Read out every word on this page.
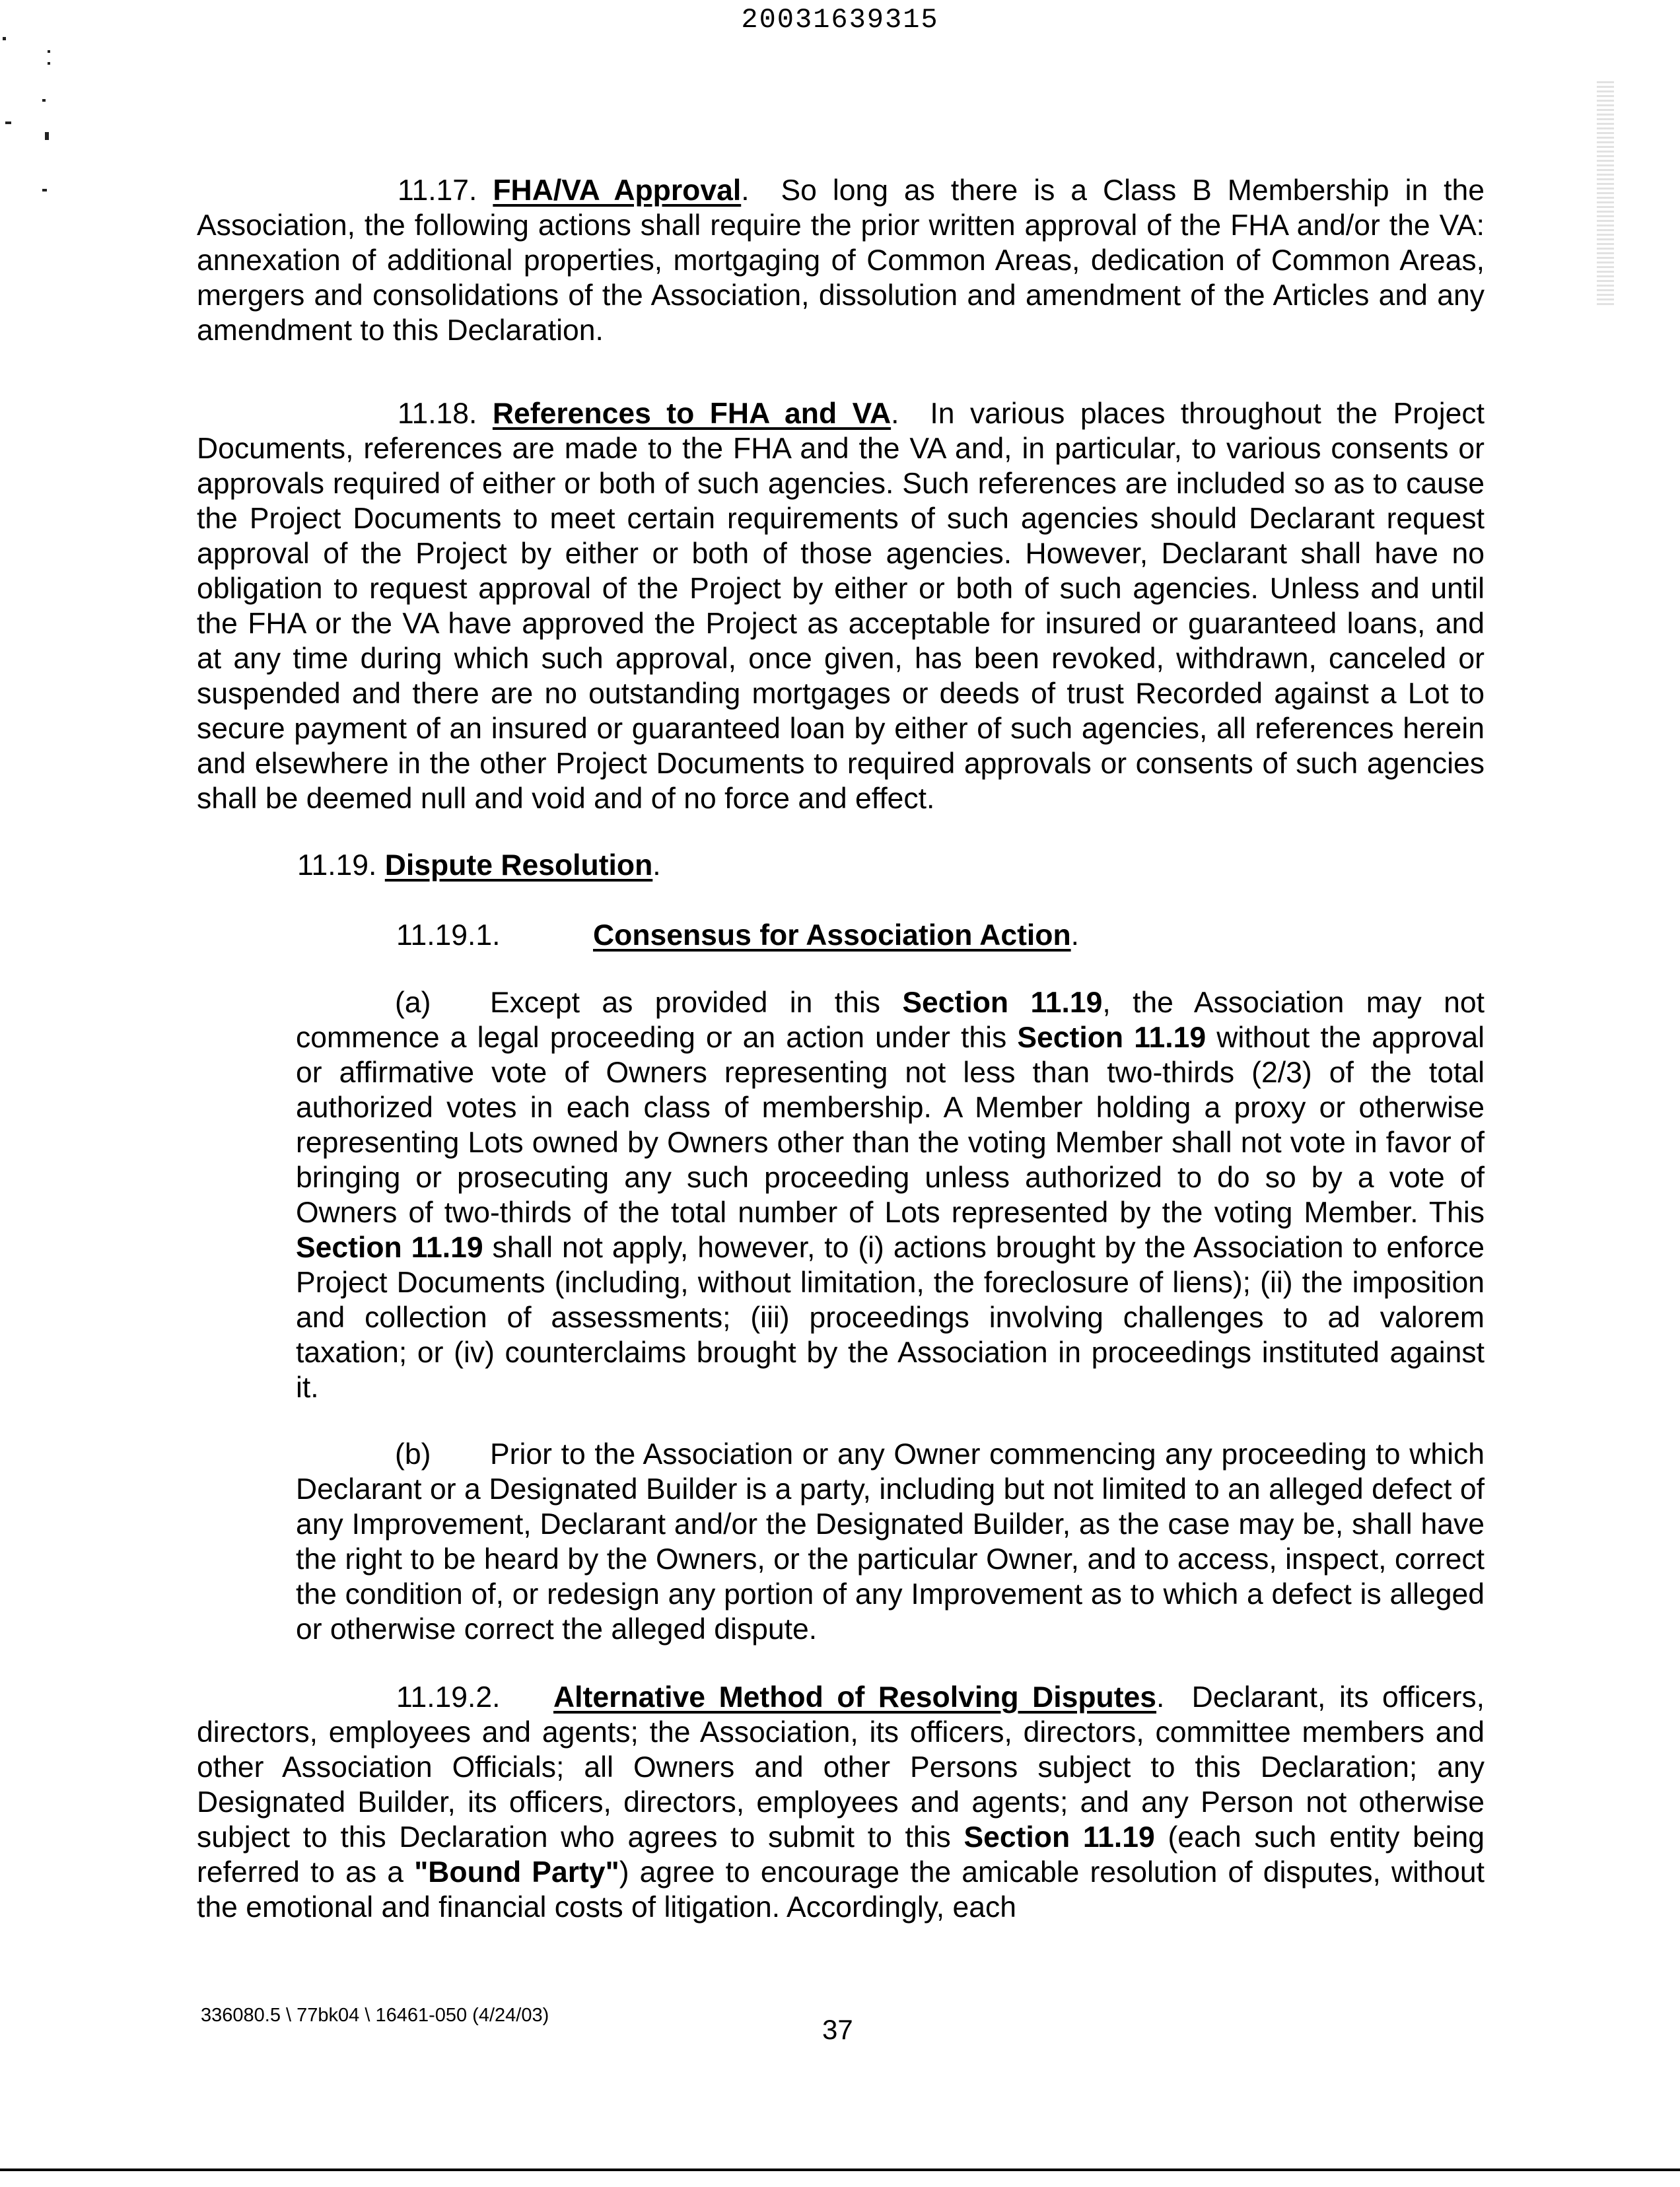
20031639315

11.17. FHA/VA Approval.  So long as there is a Class B Membership in the Association, the following actions shall require the prior written approval of the FHA and/or the VA: annexation of additional properties, mortgaging of Common Areas, dedication of Common Areas, mergers and consolidations of the Association, dissolution and amendment of the Articles and any amendment to this Declaration.

11.18. References to FHA and VA.  In various places throughout the Project Documents, references are made to the FHA and the VA and, in particular, to various consents or approvals required of either or both of such agencies. Such references are included so as to cause the Project Documents to meet certain requirements of such agencies should Declarant request approval of the Project by either or both of those agencies. However, Declarant shall have no obligation to request approval of the Project by either or both of such agencies. Unless and until the FHA or the VA have approved the Project as acceptable for insured or guaranteed loans, and at any time during which such approval, once given, has been revoked, withdrawn, canceled or suspended and there are no outstanding mortgages or deeds of trust Recorded against a Lot to secure payment of an insured or guaranteed loan by either of such agencies, all references herein and elsewhere in the other Project Documents to required approvals or consents of such agencies shall be deemed null and void and of no force and effect.

11.19. Dispute Resolution.
11.19.1.	Consensus for Association Action.

(a) Except as provided in this Section 11.19, the Association may not commence a legal proceeding or an action under this Section 11.19 without the approval or affirmative vote of Owners representing not less than two-thirds (2/3) of the total authorized votes in each class of membership. A Member holding a proxy or otherwise representing Lots owned by Owners other than the voting Member shall not vote in favor of bringing or prosecuting any such proceeding unless authorized to do so by a vote of Owners of two-thirds of the total number of Lots represented by the voting Member. This Section 11.19 shall not apply, however, to (i) actions brought by the Association to enforce Project Documents (including, without limitation, the foreclosure of liens); (ii) the imposition and collection of assessments; (iii) proceedings involving challenges to ad valorem taxation; or (iv) counterclaims brought by the Association in proceedings instituted against it.

(b) Prior to the Association or any Owner commencing any proceeding to which Declarant or a Designated Builder is a party, including but not limited to an alleged defect of any Improvement, Declarant and/or the Designated Builder, as the case may be, shall have the right to be heard by the Owners, or the particular Owner, and to access, inspect, correct the condition of, or redesign any portion of any Improvement as to which a defect is alleged or otherwise correct the alleged dispute.

11.19.2. Alternative Method of Resolving Disputes.  Declarant, its officers, directors, employees and agents; the Association, its officers, directors, committee members and other Association Officials; all Owners and other Persons subject to this Declaration; any Designated Builder, its officers, directors, employees and agents; and any Person not otherwise subject to this Declaration who agrees to submit to this Section 11.19 (each such entity being referred to as a "Bound Party") agree to encourage the amicable resolution of disputes, without the emotional and financial costs of litigation. Accordingly, each

336080.5 \ 77bk04 \ 16461-050 (4/24/03)	37
